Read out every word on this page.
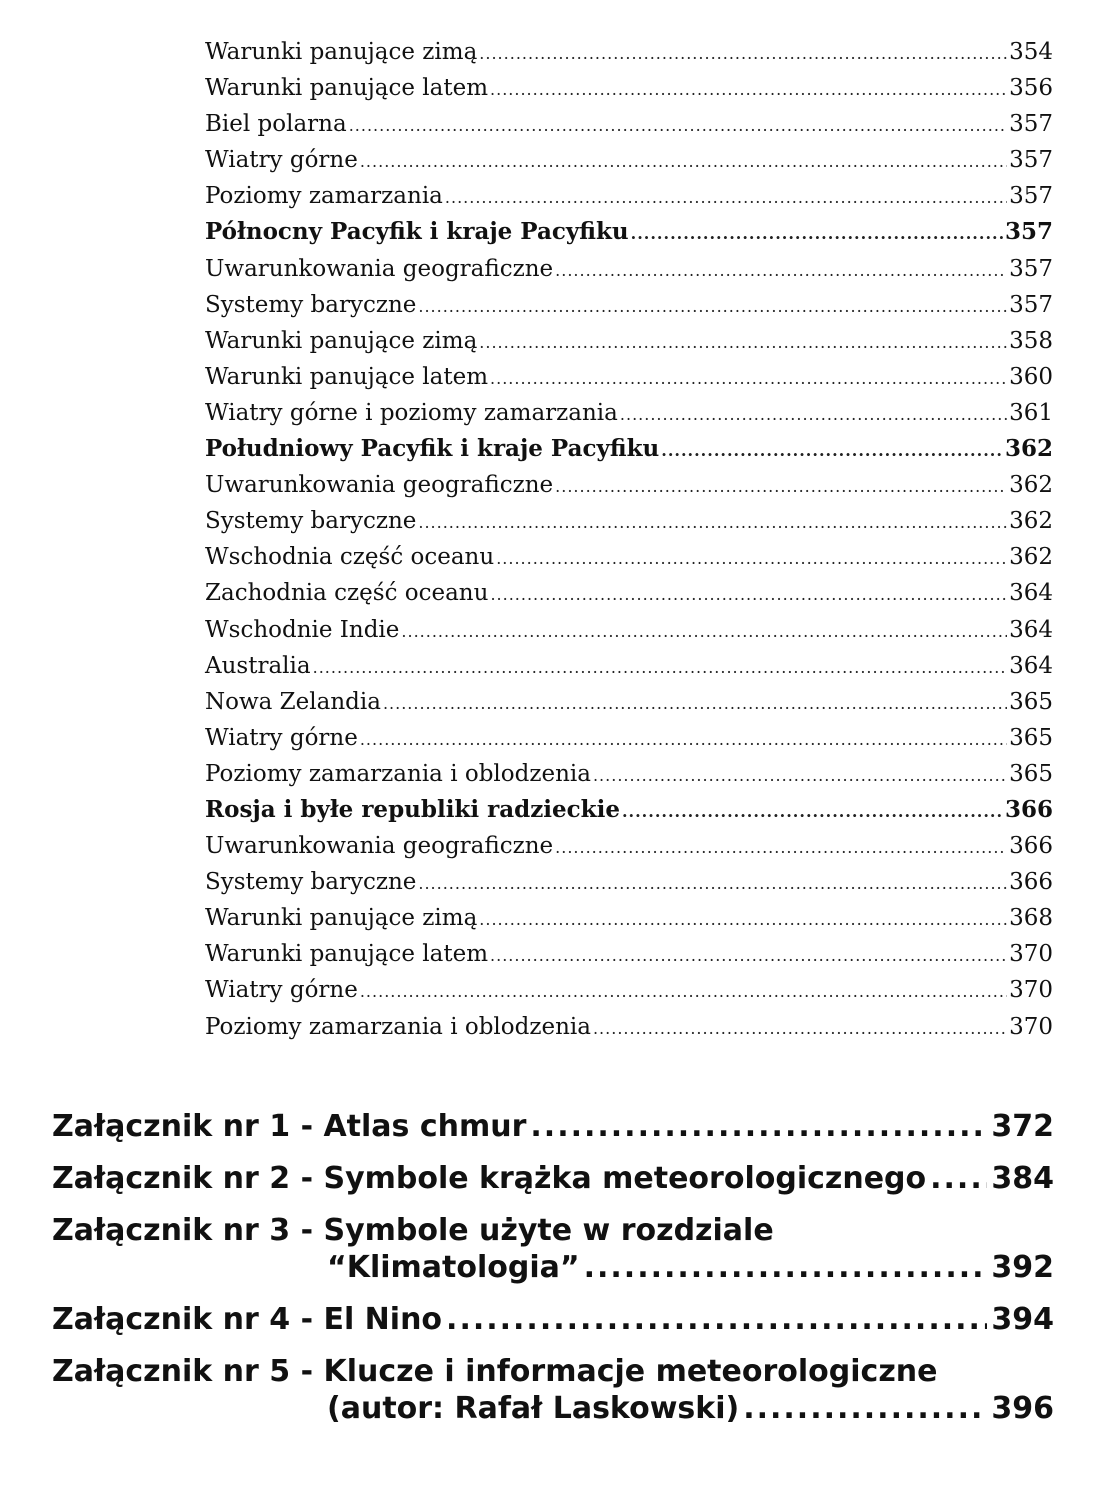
Warunki panujące zimą .....	354
Warunki panujące latem .....	356
Biel polarna .....	357
Wiatry górne .....	357
Poziomy zamarzania .....	357
Północny Pacyfik i kraje Pacyfiku .....	357
Uwarunkowania geograficzne .....	357
Systemy baryczne .....	357
Warunki panujące zimą .....	358
Warunki panujące latem .....	360
Wiatry górne i poziomy zamarzania .....	361
Południowy Pacyfik i kraje Pacyfiku .....	362
Uwarunkowania geograficzne .....	362
Systemy baryczne .....	362
Wschodnia część oceanu .....	362
Zachodnia część oceanu .....	364
Wschodnie Indie .....	364
Australia .....	364
Nowa Zelandia .....	365
Wiatry górne .....	365
Poziomy zamarzania i oblodzenia .....	365
Rosja i byłe republiki radzieckie .....	366
Uwarunkowania geograficzne .....	366
Systemy baryczne .....	366
Warunki panujące zimą .....	368
Warunki panujące latem .....	370
Wiatry górne .....	370
Poziomy zamarzania i oblodzenia .....	370
Załącznik nr 1 - Atlas chmur .....	372
Załącznik nr 2 - Symbole krążka meteorologicznego ..... 384
Załącznik nr 3 - Symbole użyte w rozdziale
“Klimatologia” .....	392
Załącznik nr 4 - El Nino .....	394
Załącznik nr 5 - Klucze i informacje meteorologiczne
(autor: Rafał Laskowski) .....	396
